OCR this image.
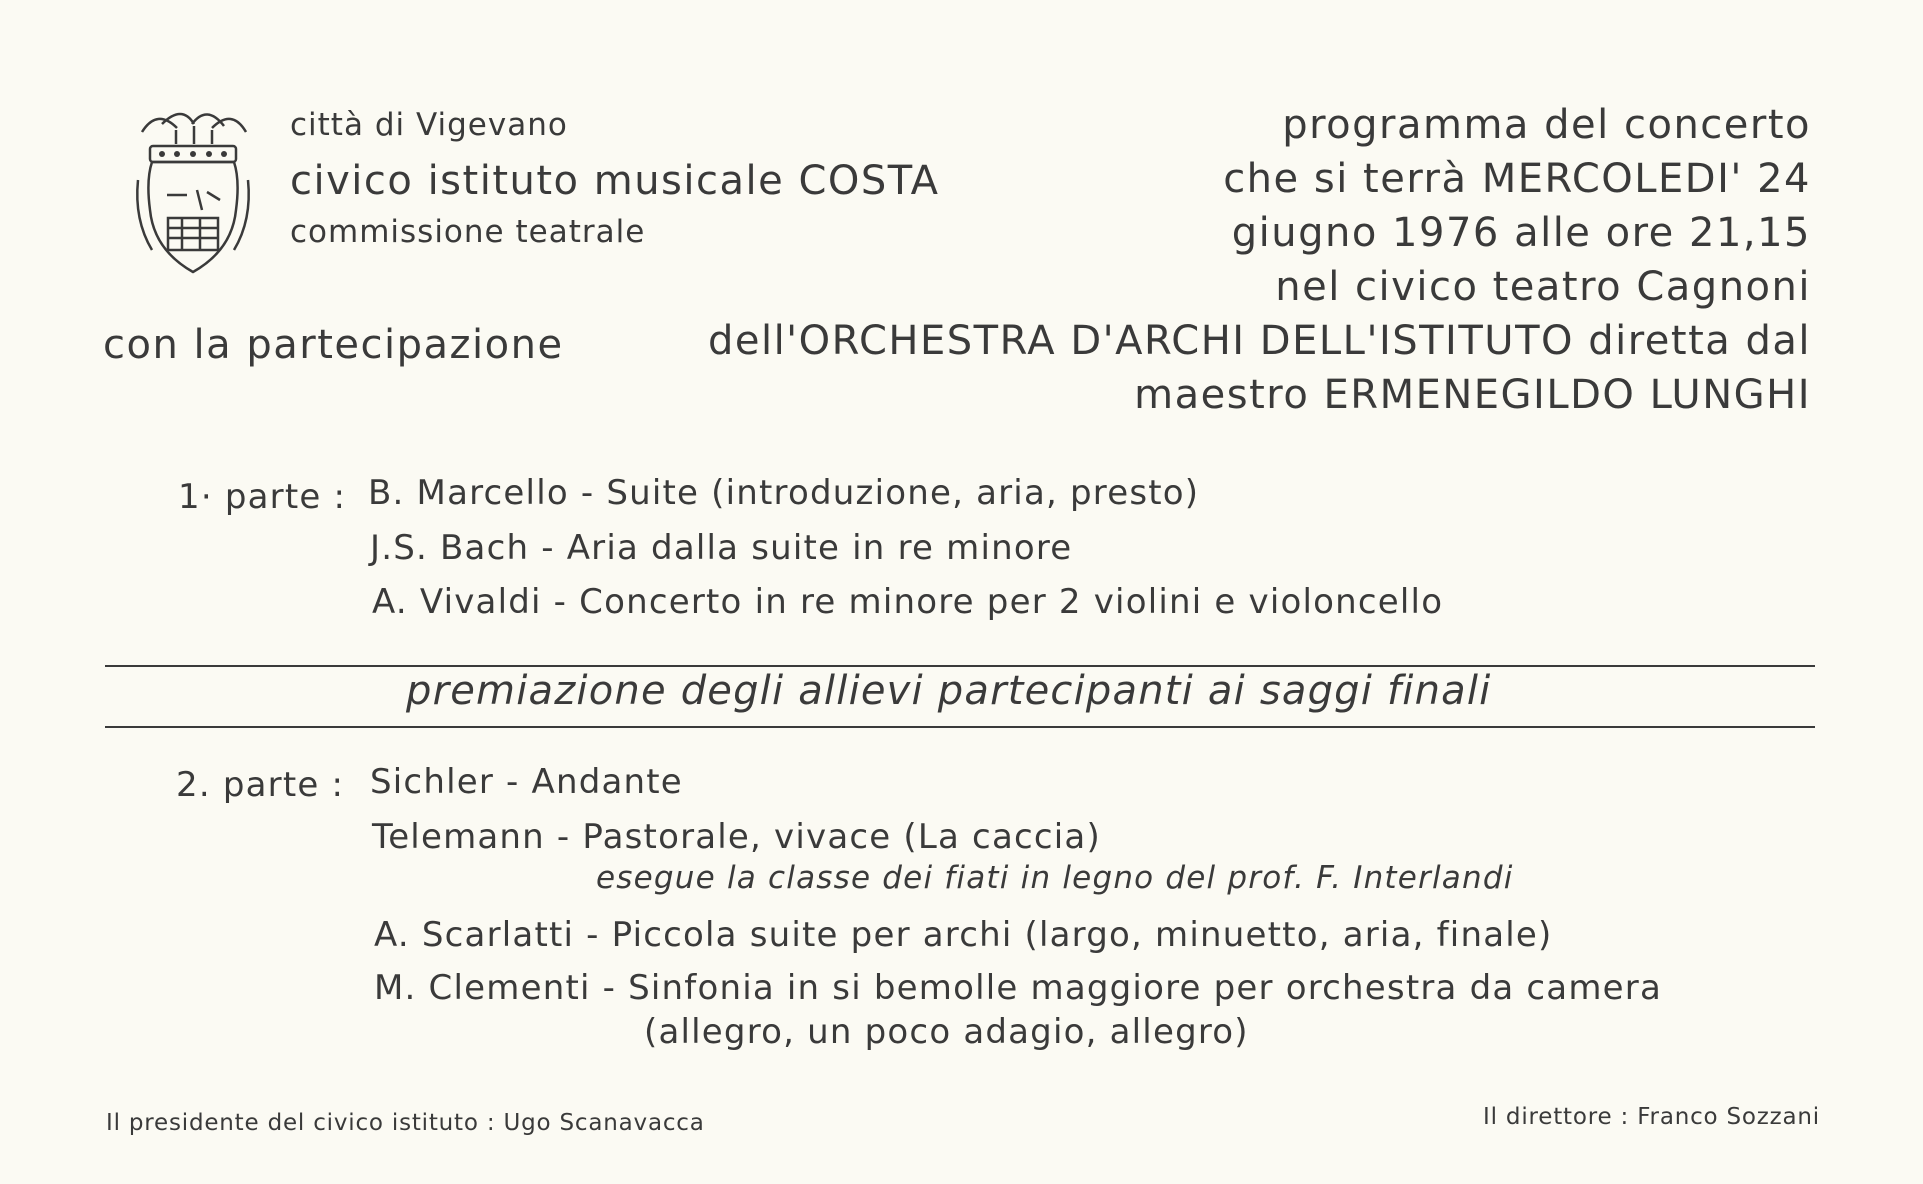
città di Vigevano
civico istituto musicale COSTA
commissione teatrale
programma del concerto
che si terrà MERCOLEDI' 24
giugno 1976 alle ore 21,15
nel civico teatro Cagnoni
con la partecipazione	dell'ORCHESTRA D'ARCHI DELL'ISTITUTO diretta dal
maestro ERMENEGILDO LUNGHI
1· parte : B. Marcello - Suite (introduzione, aria, presto)
J.S. Bach - Aria dalla suite in re minore
A. Vivaldi - Concerto in re minore per 2 violini e violoncello
premiazione degli allievi partecipanti ai saggi finali
2. parte : Sichler - Andante
Telemann - Pastorale, vivace (La caccia)
esegue la classe dei fiati in legno del prof. F. Interlandi
A. Scarlatti - Piccola suite per archi (largo, minuetto, aria, finale)
M. Clementi - Sinfonia in si bemolle maggiore per orchestra da camera
(allegro, un poco adagio, allegro)
Il presidente del civico istituto : Ugo Scanavacca	Il direttore : Franco Sozzani
